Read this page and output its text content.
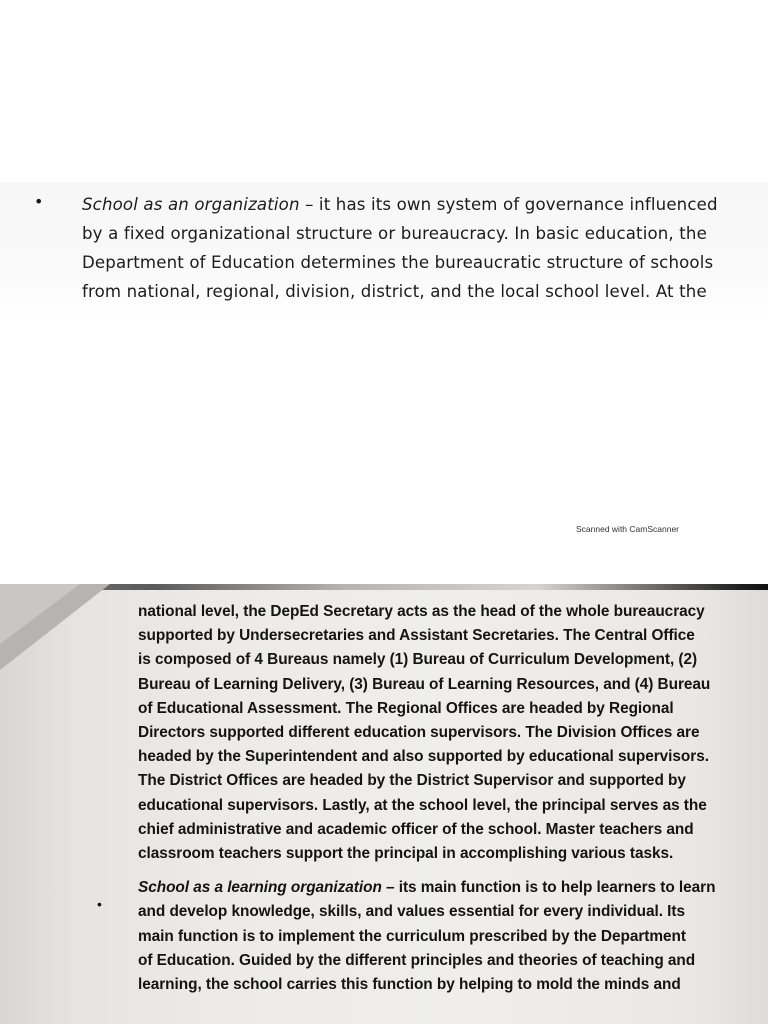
• School as an organization – it has its own system of governance influenced
by a fixed organizational structure or bureaucracy. In basic education, the
Department of Education determines the bureaucratic structure of schools
from national, regional, division, district, and the local school level. At the
Scanned with CamScanner
national level, the DepEd Secretary acts as the head of the whole bureaucracy
supported by Undersecretaries and Assistant Secretaries. The Central Office
is composed of 4 Bureaus namely (1) Bureau of Curriculum Development, (2)
Bureau of Learning Delivery, (3) Bureau of Learning Resources, and (4) Bureau
of Educational Assessment. The Regional Offices are headed by Regional
Directors supported different education supervisors. The Division Offices are
headed by the Superintendent and also supported by educational supervisors.
The District Offices are headed by the District Supervisor and supported by
educational supervisors. Lastly, at the school level, the principal serves as the
chief administrative and academic officer of the school. Master teachers and
classroom teachers support the principal in accomplishing various tasks.
School as a learning organization – its main function is to help learners to learn
and develop knowledge, skills, and values essential for every individual. Its
main function is to implement the curriculum prescribed by the Department
of Education. Guided by the different principles and theories of teaching and
learning, the school carries this function by helping to mold the minds and
•
